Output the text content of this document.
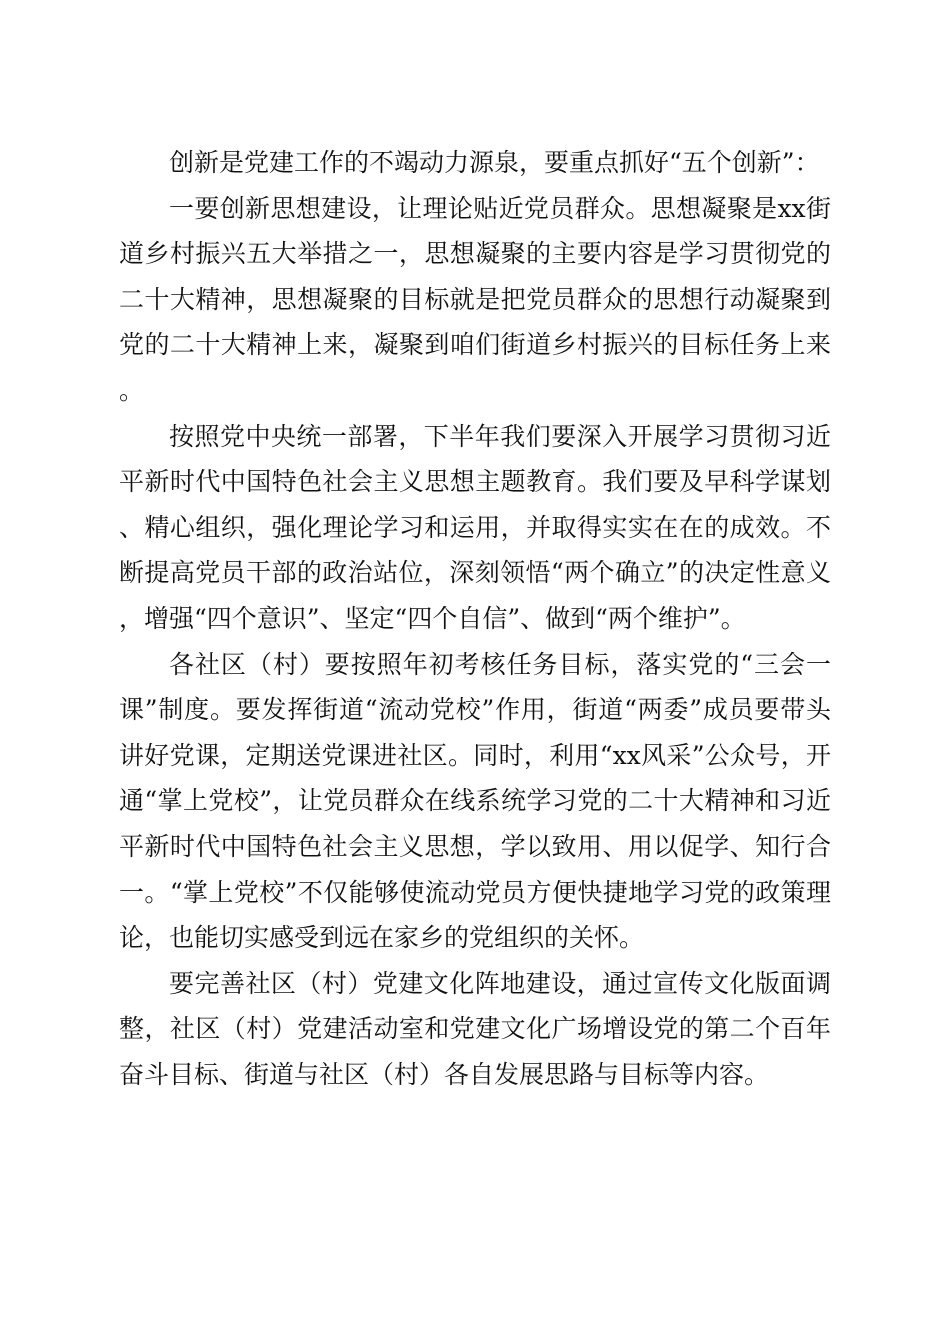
创新是党建工作的不竭动力源泉，要重点抓好“五个创新”：

一要创新思想建设，让理论贴近党员群众。思想凝聚是xx街道乡村振兴五大举措之一，思想凝聚的主要内容是学习贯彻党的二十大精神，思想凝聚的目标就是把党员群众的思想行动凝聚到党的二十大精神上来，凝聚到咱们街道乡村振兴的目标任务上来。

按照党中央统一部署，下半年我们要深入开展学习贯彻习近平新时代中国特色社会主义思想主题教育。我们要及早科学谋划、精心组织，强化理论学习和运用，并取得实实在在的成效。不断提高党员干部的政治站位，深刻领悟“两个确立”的决定性意义，增强“四个意识”、坚定“四个自信”、做到“两个维护”。

各社区（村）要按照年初考核任务目标，落实党的“三会一课”制度。要发挥街道“流动党校”作用，街道“两委”成员要带头讲好党课，定期送党课进社区。同时，利用“xx风采”公众号，开通“掌上党校”，让党员群众在线系统学习党的二十大精神和习近平新时代中国特色社会主义思想，学以致用、用以促学、知行合一。“掌上党校”不仅能够使流动党员方便快捷地学习党的政策理论，也能切实感受到远在家乡的党组织的关怀。

要完善社区（村）党建文化阵地建设，通过宣传文化版面调整，社区（村）党建活动室和党建文化广场增设党的第二个百年奋斗目标、街道与社区（村）各自发展思路与目标等内容。
